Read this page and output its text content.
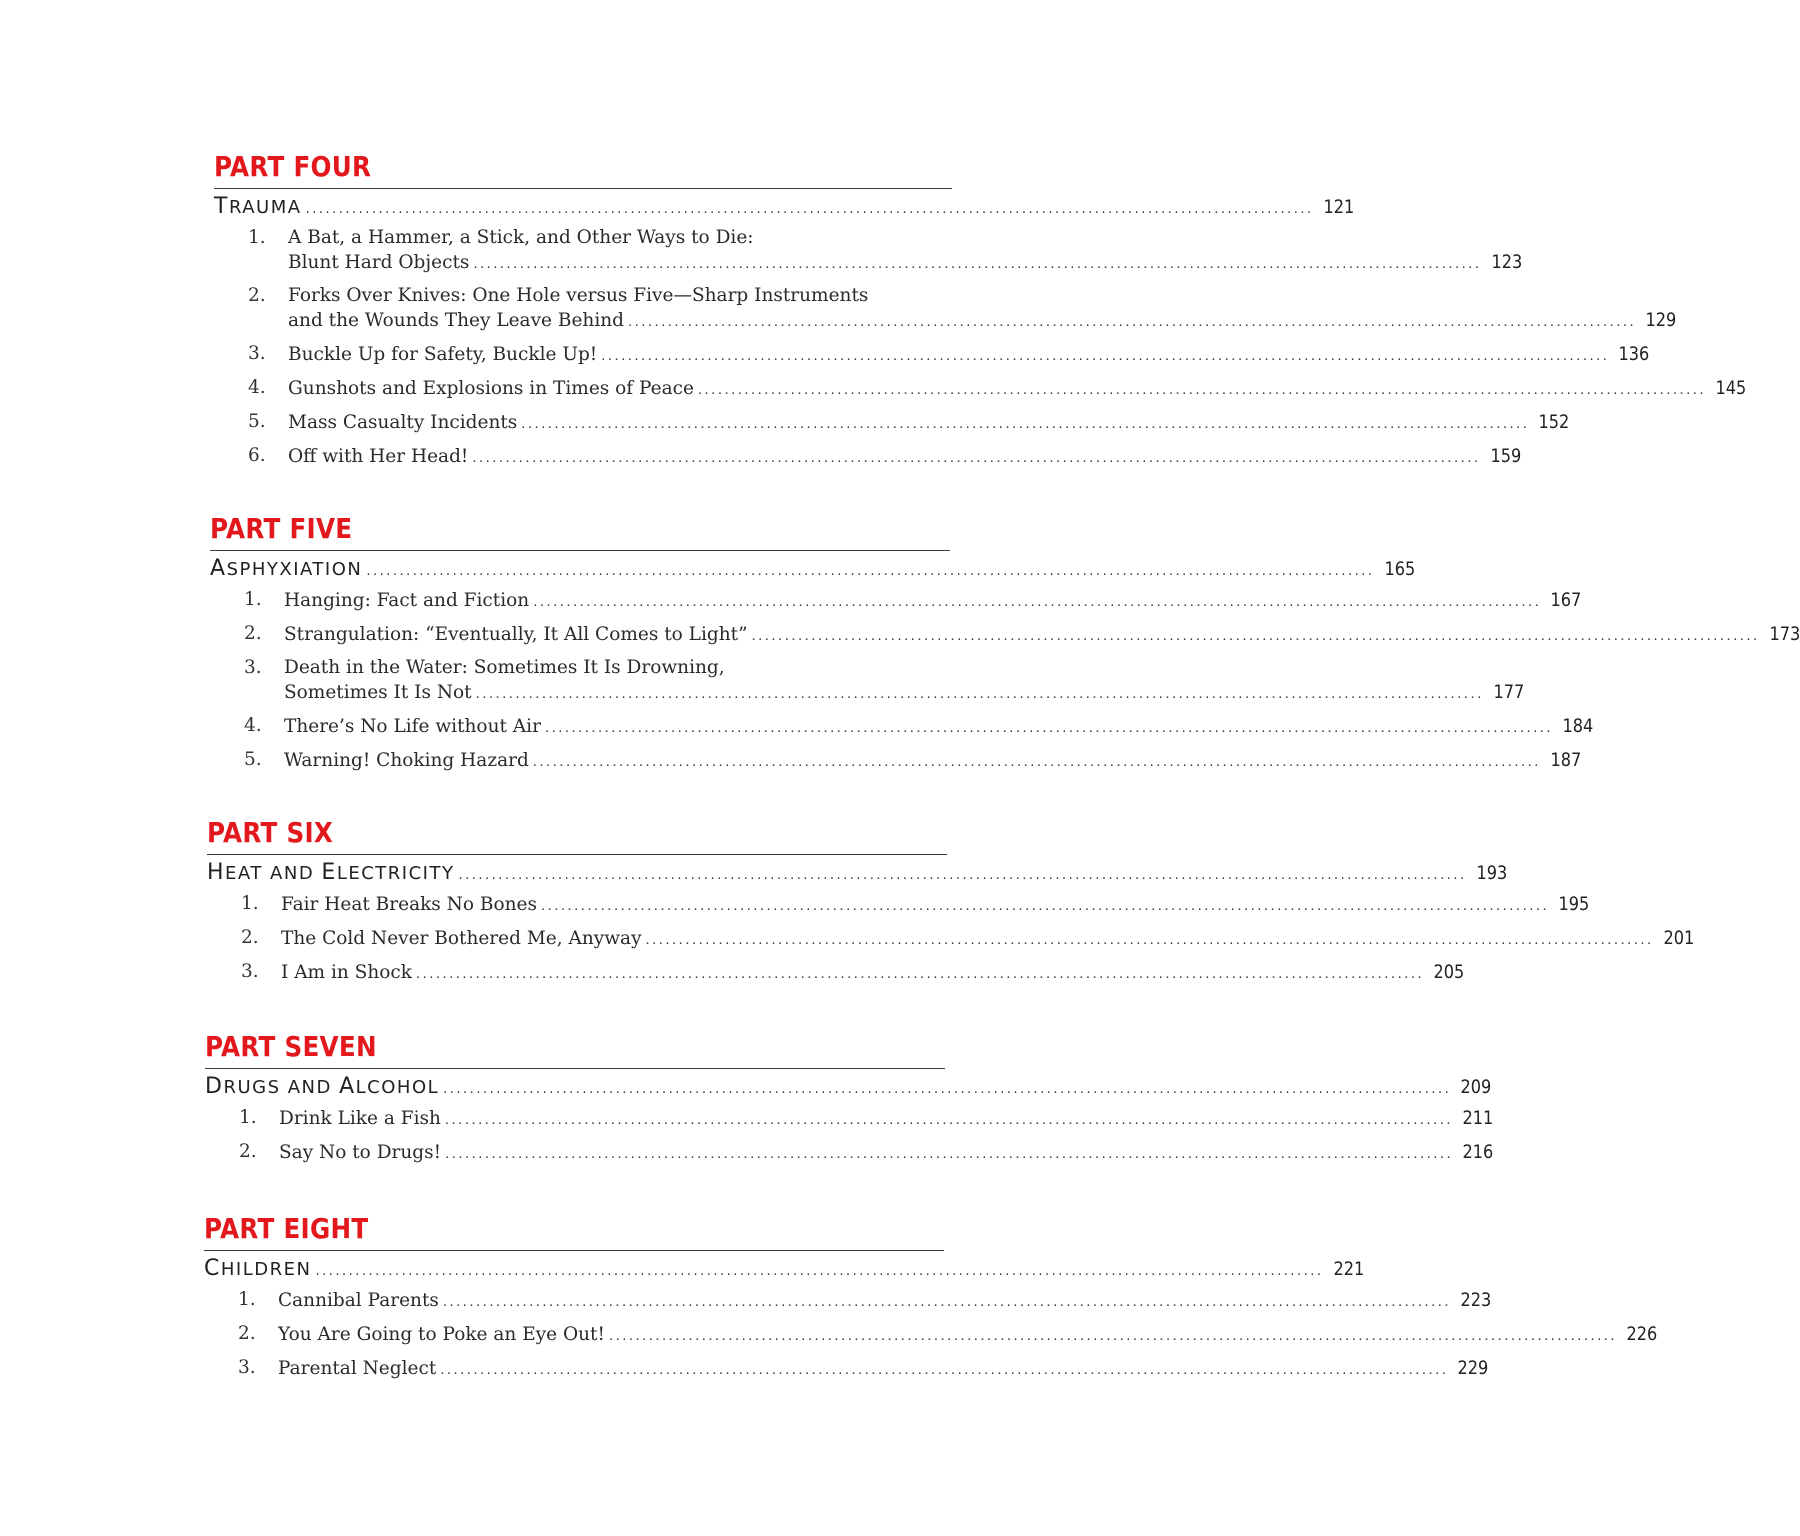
PART FOUR
TRAUMA ........................................................................................................................................................ 121
1.	A Bat, a Hammer, a Stick, and Other Ways to Die:
Blunt Hard Objects ........................................................................................................................................................ 123
2.	Forks Over Knives: One Hole versus Five—Sharp Instruments
and the Wounds They Leave Behind ........................................................................................................................................................ 129
3.	Buckle Up for Safety, Buckle Up! ........................................................................................................................................................ 136
4.	Gunshots and Explosions in Times of Peace ........................................................................................................................................................ 145
5.	Mass Casualty Incidents ........................................................................................................................................................ 152
6.	Off with Her Head! ........................................................................................................................................................ 159
PART FIVE
ASPHYXIATION ........................................................................................................................................................ 165
1.	Hanging: Fact and Fiction ........................................................................................................................................................ 167
2.	Strangulation: “Eventually, It All Comes to Light” ........................................................................................................................................................ 173
3.	Death in the Water: Sometimes It Is Drowning,
Sometimes It Is Not ........................................................................................................................................................ 177
4.	There’s No Life without Air ........................................................................................................................................................ 184
5.	Warning! Choking Hazard ........................................................................................................................................................ 187
PART SIX
HEAT AND ELECTRICITY ........................................................................................................................................................ 193
1.	Fair Heat Breaks No Bones ........................................................................................................................................................ 195
2.	The Cold Never Bothered Me, Anyway ........................................................................................................................................................ 201
3.	I Am in Shock ........................................................................................................................................................ 205
PART SEVEN
DRUGS AND ALCOHOL ........................................................................................................................................................ 209
1.	Drink Like a Fish ........................................................................................................................................................ 211
2.	Say No to Drugs! ........................................................................................................................................................ 216
PART EIGHT
CHILDREN ........................................................................................................................................................ 221
1.	Cannibal Parents ........................................................................................................................................................ 223
2.	You Are Going to Poke an Eye Out! ........................................................................................................................................................ 226
3.	Parental Neglect ........................................................................................................................................................ 229
